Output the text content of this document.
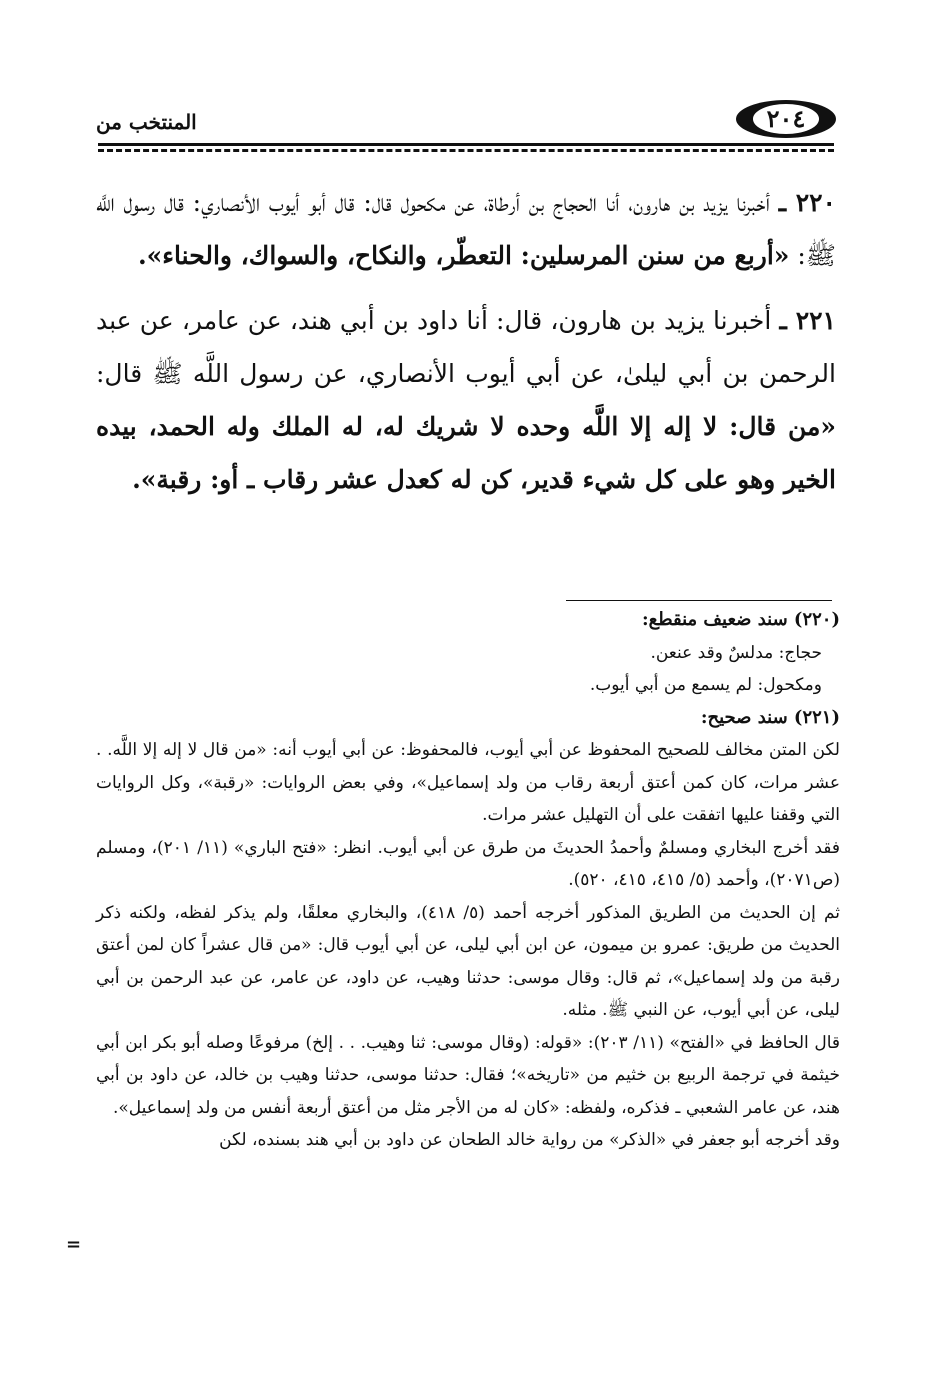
٢٠٤
المنتخب من

٢٢٠ ـ أخبرنا يزيد بن هارون، أنا الحجاج بن أرطاة، عن مكحول قال: قال أبو أيوب الأنصاري: قال رسول اللَّه ﷺ: «أربع من سنن المرسلين: التعطّر، والنكاح، والسواك، والحناء».

٢٢١ ـ أخبرنا يزيد بن هارون، قال: أنا داود بن أبي هند، عن عامر، عن عبد الرحمن بن أبي ليلىٰ، عن أبي أيوب الأنصاري، عن رسول اللَّه ﷺ قال: «من قال: لا إله إلا اللَّه وحده لا شريك له، له الملك وله الحمد، بيده الخير وهو على كل شيء قدير، كن له كعدل عشر رقاب ـ أو: رقبة».

(٢٢٠) سند ضعيف منقطع:

حجاج: مدلسٌ وقد عنعن.

ومكحول: لم يسمع من أبي أيوب.

(٢٢١) سند صحيح:

لكن المتن مخالف للصحيح المحفوظ عن أبي أيوب، فالمحفوظ: عن أبي أيوب أنه: «من قال لا إله إلا اللَّه. . عشر مرات، كان كمن أعتق أربعة رقاب من ولد إسماعيل»، وفي بعض الروايات: «رقبة»، وكل الروايات التي وقفنا عليها اتفقت على أن التهليل عشر مرات.

فقد أخرج البخاري ومسلمٌ وأحمدُ الحديثَ من طرق عن أبي أيوب. انظر: «فتح الباري» (١١/ ٢٠١)، ومسلم (ص٢٠٧١)، وأحمد (٥/ ٤١٥، ٤١٥، ٥٢٠).

ثم إن الحديث من الطريق المذكور أخرجه أحمد (٥/ ٤١٨)، والبخاري معلقًا، ولم يذكر لفظه، ولكنه ذكر الحديث من طريق: عمرو بن ميمون، عن ابن أبي ليلى، عن أبي أيوب قال: «من قال عشراً كان لمن أعتق رقبة من ولد إسماعيل»، ثم قال: وقال موسى: حدثنا وهيب، عن داود، عن عامر، عن عبد الرحمن بن أبي ليلى، عن أبي أيوب، عن النبي ﷺ. مثله.

قال الحافظ في «الفتح» (١١/ ٢٠٣): «قوله: (وقال موسى: ثنا وهيب. . . إلخ) مرفوعًا وصله أبو بكر ابن أبي خيثمة في ترجمة الربيع بن خثيم من «تاريخه»؛ فقال: حدثنا موسى، حدثنا وهيب بن خالد، عن داود بن أبي هند، عن عامر الشعبي ـ فذكره، ولفظه: «كان له من الأجر مثل من أعتق أربعة أنفس من ولد إسماعيل».

وقد أخرجه أبو جعفر في «الذكر» من رواية خالد الطحان عن داود بن أبي هند بسنده، لكن

=
